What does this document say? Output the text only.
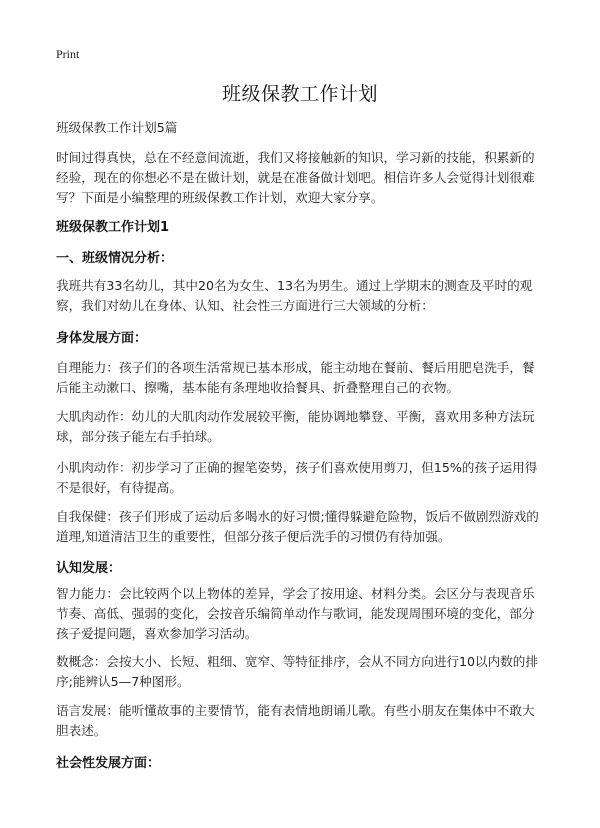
Print
班级保教工作计划
班级保教工作计划5篇
时间过得真快，总在不经意间流逝，我们又将接触新的知识，学习新的技能，积累新的经验，现在的你想必不是在做计划，就是在准备做计划吧。相信许多人会觉得计划很难写？下面是小编整理的班级保教工作计划，欢迎大家分享。
班级保教工作计划1
一、班级情况分析：
我班共有33名幼儿，其中20名为女生、13名为男生。通过上学期末的测查及平时的观察，我们对幼儿在身体、认知、社会性三方面进行三大领域的分析：
身体发展方面：
自理能力：孩子们的各项生活常规已基本形成，能主动地在餐前、餐后用肥皂洗手，餐后能主动漱口、擦嘴，基本能有条理地收拾餐具、折叠整理自己的衣物。
大肌肉动作：幼儿的大肌肉动作发展较平衡，能协调地攀登、平衡，喜欢用多种方法玩球，部分孩子能左右手拍球。
小肌肉动作：初步学习了正确的握笔姿势，孩子们喜欢使用剪刀，但15%的孩子运用得不是很好，有待提高。
自我保健：孩子们形成了运动后多喝水的好习惯;懂得躲避危险物，饭后不做剧烈游戏的道理,知道清洁卫生的重要性，但部分孩子便后洗手的习惯仍有待加强。
认知发展：
智力能力：会比较两个以上物体的差异，学会了按用途、材料分类。会区分与表现音乐节奏、高低、强弱的变化，会按音乐编简单动作与歌词，能发现周围环境的变化，部分孩子爱提问题，喜欢参加学习活动。
数概念：会按大小、长短、粗细、宽窄、等特征排序，会从不同方向进行10以内数的排序;能辨认5—7种图形。
语言发展：能听懂故事的主要情节，能有表情地朗诵儿歌。有些小朋友在集体中不敢大胆表述。
社会性发展方面：
